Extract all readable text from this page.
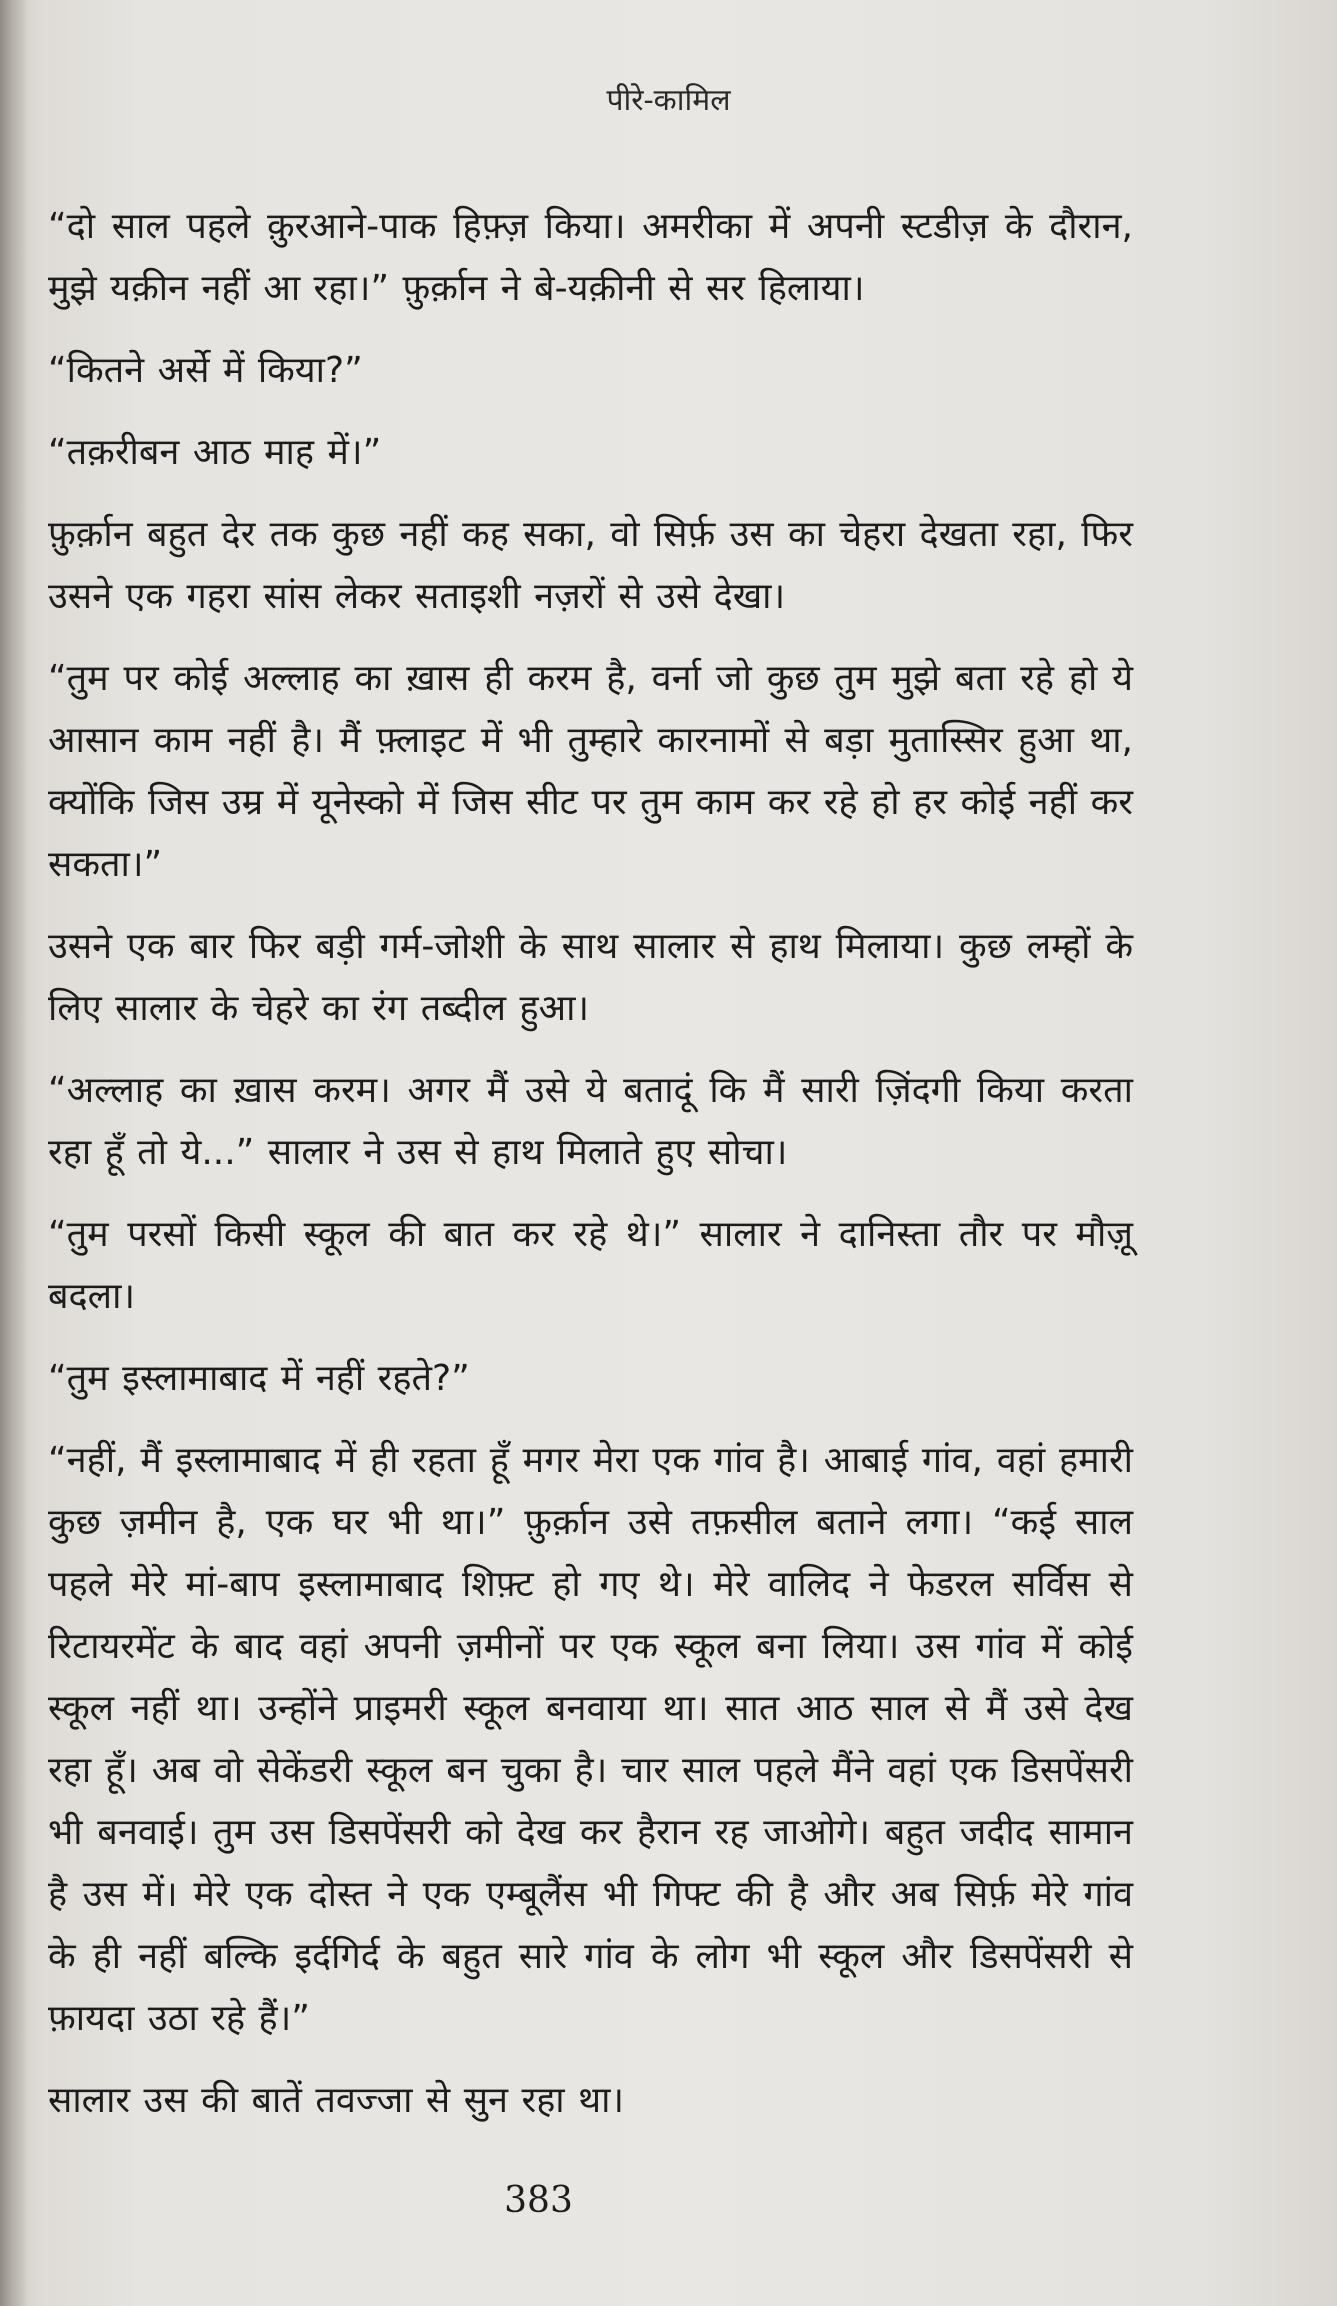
पीरे-कामिल

“दो साल पहले क़ुरआने-पाक हिफ़्ज़ किया। अमरीका में अपनी स्टडीज़ के दौरान, मुझे यक़ीन नहीं आ रहा।” फ़ुर्क़ान ने बे-यक़ीनी से सर हिलाया।

“कितने अर्से में किया?”

“तक़रीबन आठ माह में।”

फ़ुर्क़ान बहुत देर तक कुछ नहीं कह सका, वो सिर्फ़ उस का चेहरा देखता रहा, फिर उसने एक गहरा सांस लेकर सताइशी नज़रों से उसे देखा।

“तुम पर कोई अल्लाह का ख़ास ही करम है, वर्ना जो कुछ तुम मुझे बता रहे हो ये आसान काम नहीं है। मैं फ़्लाइट में भी तुम्हारे कारनामों से बड़ा मुतास्सिर हुआ था, क्योंकि जिस उम्र में यूनेस्को में जिस सीट पर तुम काम कर रहे हो हर कोई नहीं कर सकता।”

उसने एक बार फिर बड़ी गर्म-जोशी के साथ सालार से हाथ मिलाया। कुछ लम्हों के लिए सालार के चेहरे का रंग तब्दील हुआ।

“अल्लाह का ख़ास करम। अगर मैं उसे ये बतादूं कि मैं सारी ज़िंदगी किया करता रहा हूँ तो ये...” सालार ने उस से हाथ मिलाते हुए सोचा।

“तुम परसों किसी स्कूल की बात कर रहे थे।” सालार ने दानिस्ता तौर पर मौज़ू बदला।

“तुम इस्लामाबाद में नहीं रहते?”

“नहीं, मैं इस्लामाबाद में ही रहता हूँ मगर मेरा एक गांव है। आबाई गांव, वहां हमारी कुछ ज़मीन है, एक घर भी था।” फ़ुर्क़ान उसे तफ़सील बताने लगा। “कई साल पहले मेरे मां-बाप इस्लामाबाद शिफ़्ट हो गए थे। मेरे वालिद ने फेडरल सर्विस से रिटायरमेंट के बाद वहां अपनी ज़मीनों पर एक स्कूल बना लिया। उस गांव में कोई स्कूल नहीं था। उन्होंने प्राइमरी स्कूल बनवाया था। सात आठ साल से मैं उसे देख रहा हूँ। अब वो सेकेंडरी स्कूल बन चुका है। चार साल पहले मैंने वहां एक डिसपेंसरी भी बनवाई। तुम उस डिसपेंसरी को देख कर हैरान रह जाओगे। बहुत जदीद सामान है उस में। मेरे एक दोस्त ने एक एम्बूलैंस भी गिफ्ट की है और अब सिर्फ़ मेरे गांव के ही नहीं बल्कि इर्दगिर्द के बहुत सारे गांव के लोग भी स्कूल और डिसपेंसरी से फ़ायदा उठा रहे हैं।”

सालार उस की बातें तवज्जा से सुन रहा था।

383
